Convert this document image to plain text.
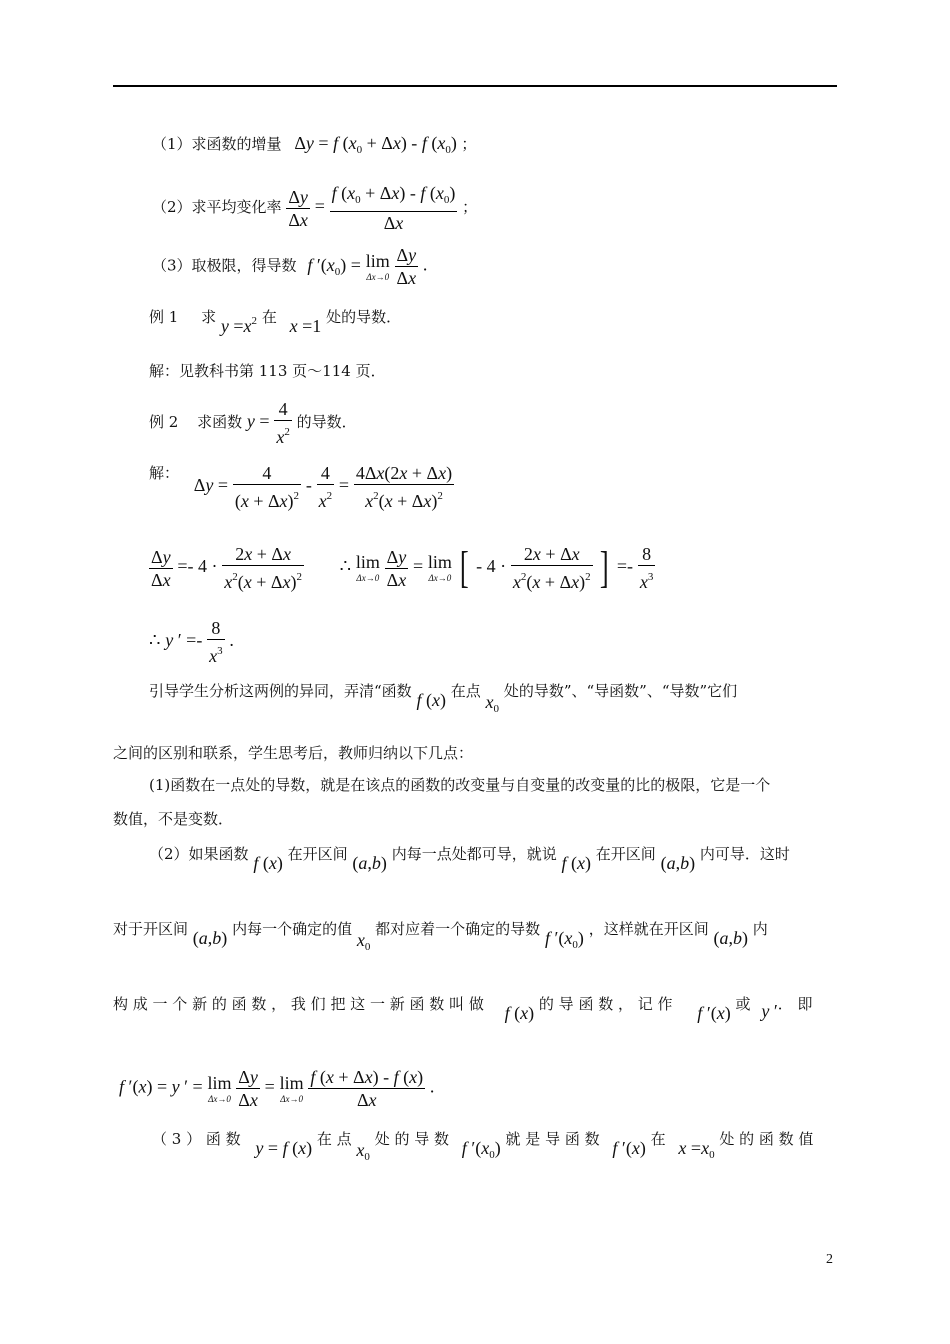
（1）求函数的增量 Δy = f $(x_0 + \Delta x) - f$ $(x_0)$ ；
（2）求平均变化率 $\frac{\Delta y}{\Delta x} = \frac{f (x_0 + \Delta x) - f (x_0)}{\Delta x}$ ；
（3）取极限，得导数 f $'(x_0) = \lim$
Δx→0
$\frac{\Delta y}{\Delta x}$ .
例 1 求 $y =x^2$ 在 x =1 处的导数．
解：见教科书第 113 页～114 页．
例 2 求函数 $y = \frac{4}{x^2}$ 的导数．
解： $\Delta y = \frac{4}{(x + \Delta x)^2} - \frac{4}{x^2} = \frac{4\Delta x(2x + \Delta x)}{x^2(x + \Delta x)^2}$
$\frac{\Delta y}{\Delta x} =- 4 \cdot \frac{2x + \Delta x}{x^2(x + \Delta x)^2}$ ∴ lim
Δx→0
$\frac{\Delta y}{\Delta x} = \lim$
Δx→0 [ - $4 \cdot \frac{2x + \Delta x}{x^2(x + \Delta x)^2}$ ] =- $\frac{8}{x^3}$
∴ y ′ =- $\frac{8}{x^3}$ .
引导学生分析这两例的异同，弄清“函数 f (x) 在点 $x_0$ 处的导数”、“导函数”、“导数”它们
之间的区别和联系，学生思考后，教师归纳以下几点：
(1)函数在一点处的导数，就是在该点的函数的改变量与自变量的改变量的比的极限，它是一个
数值，不是变数．
（2）如果函数 f (x) 在开区间 (a,b) 内每一点处都可导，就说 f (x) 在开区间 (a,b) 内可导．这时
对于开区间 (a,b) 内每一个确定的值 $x_0$ 都对应着一个确定的导数 f $'(x_0)$ ，这样就在开区间 (a,b) 内
构 成 一 个 新 的 函 数 ， 我 们 把 这 一 新 函 数 叫 做 f (x) 的 导 函 数 ， 记 作 f ′(x) 或 y ′． 即
f ′(x) = y ′ = lim
Δx→0
$\frac{\Delta y}{\Delta x} = \lim$
Δx→0
$\frac{f (x + \Delta x) - f (x)}{\Delta x}$ .
（ 3 ） 函 数 y = f (x) 在 点 $x_0$ 处 的 导 数 f $'(x_0)$ 就 是 导 函 数 f ′(x) 在 $x =x_0$ 处 的 函 数 值
2
